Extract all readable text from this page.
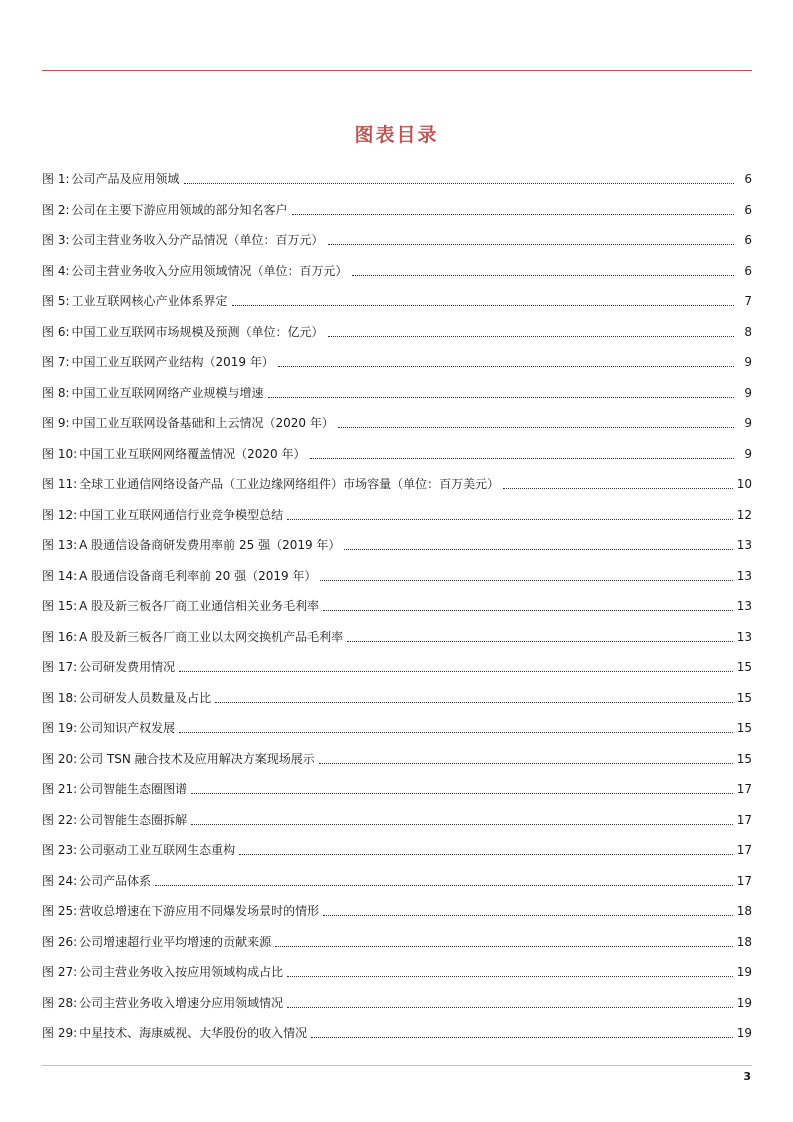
图表目录
图 1: 公司产品及应用领域	6
图 2: 公司在主要下游应用领域的部分知名客户	6
图 3: 公司主营业务收入分产品情况（单位：百万元）	6
图 4: 公司主营业务收入分应用领域情况（单位：百万元）	6
图 5: 工业互联网核心产业体系界定	7
图 6: 中国工业互联网市场规模及预测（单位：亿元）	8
图 7: 中国工业互联网产业结构（2019 年）	9
图 8: 中国工业互联网网络产业规模与增速	9
图 9: 中国工业互联网设备基础和上云情况（2020 年）	9
图 10: 中国工业互联网网络覆盖情况（2020 年）	9
图 11: 全球工业通信网络设备产品（工业边缘网络组件）市场容量（单位：百万美元）	10
图 12: 中国工业互联网通信行业竞争模型总结	12
图 13: A 股通信设备商研发费用率前 25 强（2019 年）	13
图 14: A 股通信设备商毛利率前 20 强（2019 年）	13
图 15: A 股及新三板各厂商工业通信相关业务毛利率	13
图 16: A 股及新三板各厂商工业以太网交换机产品毛利率	13
图 17: 公司研发费用情况	15
图 18: 公司研发人员数量及占比	15
图 19: 公司知识产权发展	15
图 20: 公司 TSN 融合技术及应用解决方案现场展示	15
图 21: 公司智能生态圈图谱	17
图 22: 公司智能生态圈拆解	17
图 23: 公司驱动工业互联网生态重构	17
图 24: 公司产品体系	17
图 25: 营收总增速在下游应用不同爆发场景时的情形	18
图 26: 公司增速超行业平均增速的贡献来源	18
图 27: 公司主营业务收入按应用领域构成占比	19
图 28: 公司主营业务收入增速分应用领域情况	19
图 29: 中星技术、海康威视、大华股份的收入情况	19
3
